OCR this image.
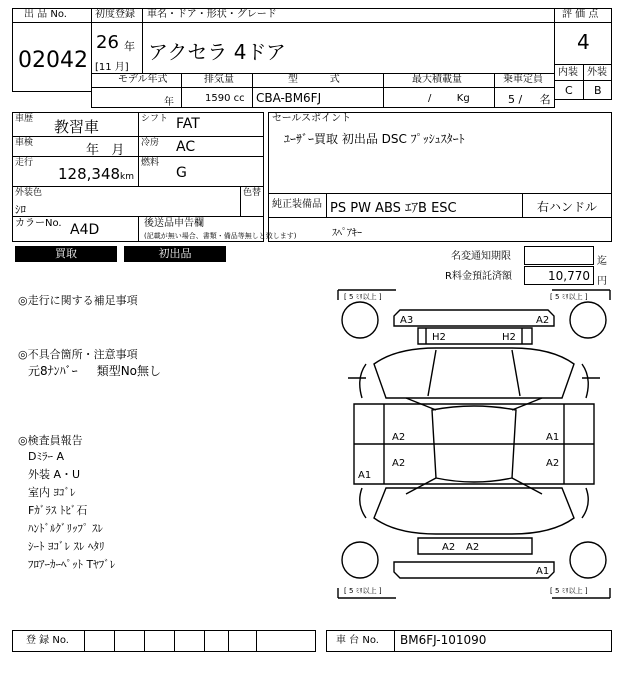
出 品 No.
02042
初度登録
26 年
[11 月]
車名・ドア・形状・グレード
アクセラ 4ドア
評 価 点
4
内装 外装
C B
モデル年式
年
排気量
1590 cc
型          式
CBA-BM6FJ
最大積載量
/        Kg
乗車定員
5 /     名
車歴 教習車	シフト FAT
車検	年   月 冷房 AC
走行
128,348 km
燃料
G
外装色
ｼﾛ
色替
カラーNo. A4D	後送品申告欄
(記載が無い場合、書類・備品等無しと致します)
セールスポイント
ﾕｰｻﾞｰ買取 初出品 DSC ﾌﾟｯｼｭｽﾀｰﾄ
純正装備品 PS PW ABS ｴｱB ESC	右ハンドル
ｽﾍﾟｱｷｰ
買取	初出品	名変通知期限	迄
R料金預託済額	10,770 円
◎走行に関する補足事項
◎不具合箇所・注意事項
元8ﾅﾝﾊﾞｰ     類型No無し
◎検査員報告
Dﾐﾗｰ A
外装 A・U
室内 ﾖｺﾞﾚ
Fｶﾞﾗｽ ﾄﾋﾞ石
ﾊﾝﾄﾞﾙｸﾞﾘｯﾌﾟ ｽﾚ
ｼｰﾄ ﾖｺﾞﾚ ｽﾚ ﾍﾀﾘ
ﾌﾛｱｰｶｰﾍﾟｯﾄ Tﾔﾌﾞﾚ
[ 5 ﾐﾘ以上 ]	[ 5 ﾐﾘ以上 ]
[ 5 ﾐﾘ以上 ]	[ 5 ﾐﾘ以上 ]
A3	A2
H2	H2
A2
A2
A1
A1
A2
A2 A2
A1
登 録 No.	車 台 No. BM6FJ-101090
